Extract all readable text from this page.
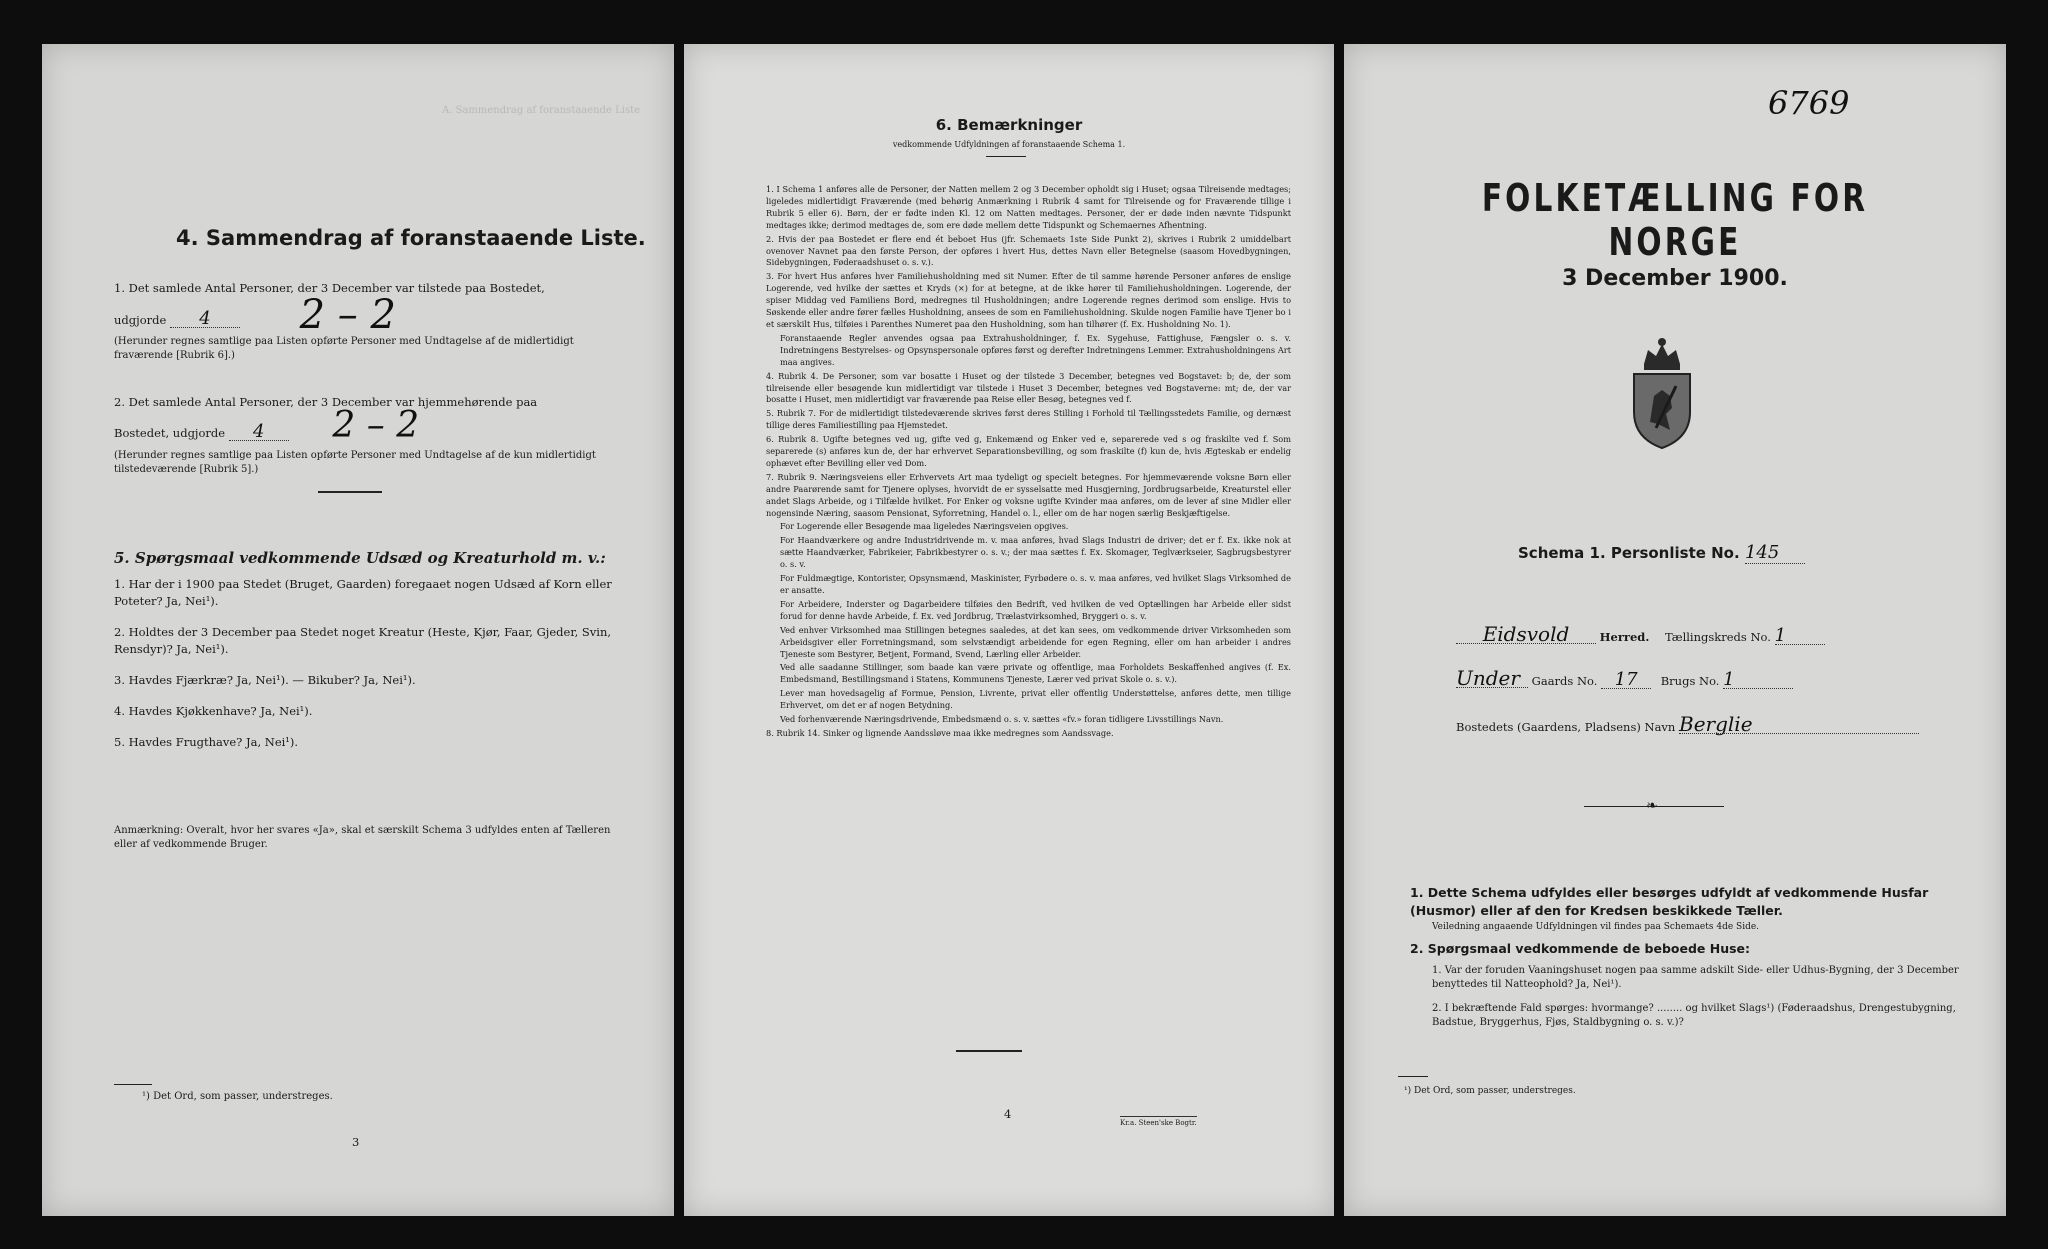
A. Sammendrag af foranstaaende Liste
4. Sammendrag af foranstaaende Liste.
1. Det samlede Antal Personer, der 3 December var tilstede paa Bostedet,
udgjorde 4 2 – 2
(Herunder regnes samtlige paa Listen opførte Personer med Undtagelse af de midlertidigt fraværende [Rubrik 6].)
2. Det samlede Antal Personer, der 3 December var hjemmehørende paa
Bostedet, udgjorde 4 2 – 2
(Herunder regnes samtlige paa Listen opførte Personer med Undtagelse af de kun midlertidigt tilstedeværende [Rubrik 5].)
5. Spørgsmaal vedkommende Udsæd og Kreaturhold m. v.:
1. Har der i 1900 paa Stedet (Bruget, Gaarden) foregaaet nogen Udsæd af Korn eller Poteter? Ja, Nei¹).
2. Holdtes der 3 December paa Stedet noget Kreatur (Heste, Kjør, Faar, Gjeder, Svin, Rensdyr)? Ja, Nei¹).
3. Havdes Fjærkræ? Ja, Nei¹). — Bikuber? Ja, Nei¹).
4. Havdes Kjøkkenhave? Ja, Nei¹).
5. Havdes Frugthave? Ja, Nei¹).
Anmærkning: Overalt, hvor her svares «Ja», skal et særskilt Schema 3 udfyldes enten af Tælleren eller af vedkommende Bruger.
¹) Det Ord, som passer, understreges.
3
6. Bemærkninger
vedkommende Udfyldningen af foranstaaende Schema 1.

1. I Schema 1 anføres alle de Personer, der Natten mellem 2 og 3 December opholdt sig i Huset; ogsaa Tilreisende medtages; ligeledes midlertidigt Fraværende (med behørig Anmærkning i Rubrik 4 samt for Tilreisende og for Fraværende tillige i Rubrik 5 eller 6). Børn, der er fødte inden Kl. 12 om Natten medtages. Personer, der er døde inden nævnte Tidspunkt medtages ikke; derimod medtages de, som ere døde mellem dette Tidspunkt og Schemaernes Afhentning.

2. Hvis der paa Bostedet er flere end ét beboet Hus (jfr. Schemaets 1ste Side Punkt 2), skrives i Rubrik 2 umiddelbart ovenover Navnet paa den første Person, der opføres i hvert Hus, dettes Navn eller Betegnelse (saasom Hovedbygningen, Sidebygningen, Føderaadshuset o. s. v.).

3. For hvert Hus anføres hver Familiehusholdning med sit Numer. Efter de til samme hørende Personer anføres de enslige Logerende, ved hvilke der sættes et Kryds (×) for at betegne, at de ikke hører til Familiehusholdningen. Logerende, der spiser Middag ved Familiens Bord, medregnes til Husholdningen; andre Logerende regnes derimod som enslige. Hvis to Søskende eller andre fører fælles Husholdning, ansees de som en Familiehusholdning. Skulde nogen Familie have Tjener bo i et særskilt Hus, tilføies i Parenthes Numeret paa den Husholdning, som han tilhører (f. Ex. Husholdning No. 1).

Foranstaaende Regler anvendes ogsaa paa Extrahusholdninger, f. Ex. Sygehuse, Fattighuse, Fængsler o. s. v. Indretningens Bestyrelses- og Opsynspersonale opføres først og derefter Indretningens Lemmer. Extrahusholdningens Art maa angives.

4. Rubrik 4. De Personer, som var bosatte i Huset og der tilstede 3 December, betegnes ved Bogstavet: b; de, der som tilreisende eller besøgende kun midlertidigt var tilstede i Huset 3 December, betegnes ved Bogstaverne: mt; de, der var bosatte i Huset, men midlertidigt var fraværende paa Reise eller Besøg, betegnes ved f.

5. Rubrik 7. For de midlertidigt tilstedeværende skrives først deres Stilling i Forhold til Tællingsstedets Familie, og dernæst tillige deres Familiestilling paa Hjemstedet.

6. Rubrik 8. Ugifte betegnes ved ug, gifte ved g, Enkemænd og Enker ved e, separerede ved s og fraskilte ved f. Som separerede (s) anføres kun de, der har erhvervet Separationsbevilling, og som fraskilte (f) kun de, hvis Ægteskab er endelig ophævet efter Bevilling eller ved Dom.

7. Rubrik 9. Næringsveiens eller Erhvervets Art maa tydeligt og specielt betegnes. For hjemmeværende voksne Børn eller andre Paarørende samt for Tjenere oplyses, hvorvidt de er sysselsatte med Husgjerning, Jordbrugsarbeide, Kreaturstel eller andet Slags Arbeide, og i Tilfælde hvilket. For Enker og voksne ugifte Kvinder maa anføres, om de lever af sine Midler eller nogensinde Næring, saasom Pensionat, Syforretning, Handel o. l., eller om de har nogen særlig Beskjæftigelse.

For Logerende eller Besøgende maa ligeledes Næringsveien opgives.

For Haandværkere og andre Industridrivende m. v. maa anføres, hvad Slags Industri de driver; det er f. Ex. ikke nok at sætte Haandværker, Fabrikeier, Fabrikbestyrer o. s. v.; der maa sættes f. Ex. Skomager, Teglværkseier, Sagbrugsbestyrer o. s. v.

For Fuldmægtige, Kontorister, Opsynsmænd, Maskinister, Fyrbødere o. s. v. maa anføres, ved hvilket Slags Virksomhed de er ansatte.

For Arbeidere, Inderster og Dagarbeidere tilføies den Bedrift, ved hvilken de ved Optællingen har Arbeide eller sidst forud for denne havde Arbeide, f. Ex. ved Jordbrug, Trælastvirksomhed, Bryggeri o. s. v.

Ved enhver Virksomhed maa Stillingen betegnes saaledes, at det kan sees, om vedkommende driver Virksomheden som Arbeidsgiver eller Forretningsmand, som selvstændigt arbeidende for egen Regning, eller om han arbeider i andres Tjeneste som Bestyrer, Betjent, Formand, Svend, Lærling eller Arbeider.

Ved alle saadanne Stillinger, som baade kan være private og offentlige, maa Forholdets Beskaffenhed angives (f. Ex. Embedsmand, Bestillingsmand i Statens, Kommunens Tjeneste, Lærer ved privat Skole o. s. v.).

Lever man hovedsagelig af Formue, Pension, Livrente, privat eller offentlig Understøttelse, anføres dette, men tillige Erhvervet, om det er af nogen Betydning.

Ved forhenværende Næringsdrivende, Embedsmænd o. s. v. sættes «fv.» foran tidligere Livsstillings Navn.

8. Rubrik 14. Sinker og lignende Aandssløve maa ikke medregnes som Aandssvage.

4
Kr.a. Steen'ske Bogtr.
6769
FOLKETÆLLING FOR NORGE
3 December 1900.
Schema 1. Personliste No. 145
Eidsvold	Herred. Tællingskreds No. 1
Under Gaards No. 17 Brugs No. 1
Bostedets (Gaardens, Pladsens) Navn Berglie
❧
1. Dette Schema udfyldes eller besørges udfyldt af vedkommende Husfar (Husmor) eller af den for Kredsen beskikkede Tæller.
Veiledning angaaende Udfyldningen vil findes paa Schemaets 4de Side.
2. Spørgsmaal vedkommende de beboede Huse:
1. Var der foruden Vaaningshuset nogen paa samme adskilt Side- eller Udhus-Bygning, der 3 December benyttedes til Natteophold? Ja, Nei¹).
2. I bekræftende Fald spørges: hvormange? ........ og hvilket Slags¹) (Føderaadshus, Drengestubygning, Badstue, Bryggerhus, Fjøs, Staldbygning o. s. v.)?
¹) Det Ord, som passer, understreges.
